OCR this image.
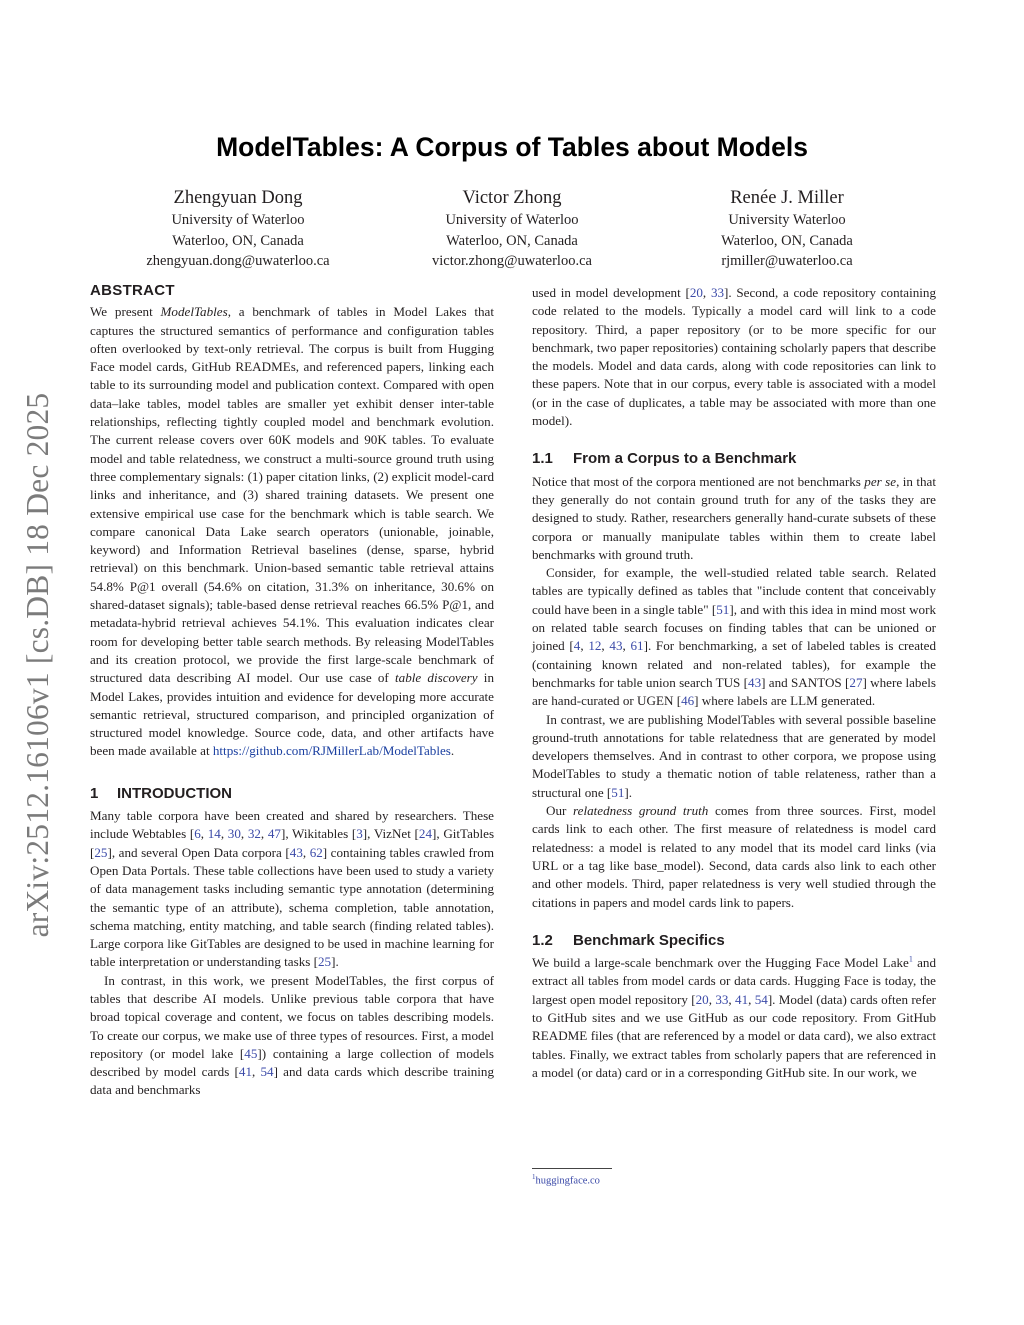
arXiv:2512.16106v1 [cs.DB] 18 Dec 2025
ModelTables: A Corpus of Tables about Models
Zhengyuan Dong
University of Waterloo
Waterloo, ON, Canada
zhengyuan.dong@uwaterloo.ca
Victor Zhong
University of Waterloo
Waterloo, ON, Canada
victor.zhong@uwaterloo.ca
Renée J. Miller
University Waterloo
Waterloo, ON, Canada
rjmiller@uwaterloo.ca
ABSTRACT

We present ModelTables, a benchmark of tables in Model Lakes that captures the structured semantics of performance and configuration tables often overlooked by text-only retrieval. The corpus is built from Hugging Face model cards, GitHub READMEs, and referenced papers, linking each table to its surrounding model and publication context. Compared with open data–lake tables, model tables are smaller yet exhibit denser inter-table relationships, reflecting tightly coupled model and benchmark evolution. The current release covers over 60K models and 90K tables. To evaluate model and table relatedness, we construct a multi-source ground truth using three complementary signals: (1) paper citation links, (2) explicit model-card links and inheritance, and (3) shared training datasets. We present one extensive empirical use case for the benchmark which is table search. We compare canonical Data Lake search operators (unionable, joinable, keyword) and Information Retrieval baselines (dense, sparse, hybrid retrieval) on this benchmark. Union-based semantic table retrieval attains 54.8% P@1 overall (54.6% on citation, 31.3% on inheritance, 30.6% on shared-dataset signals); table-based dense retrieval reaches 66.5% P@1, and metadata-hybrid retrieval achieves 54.1%. This evaluation indicates clear room for developing better table search methods. By releasing ModelTables and its creation protocol, we provide the first large-scale benchmark of structured data describing AI model. Our use case of table discovery in Model Lakes, provides intuition and evidence for developing more accurate semantic retrieval, structured comparison, and principled organization of structured model knowledge. Source code, data, and other artifacts have been made available at https://github.com/RJMillerLab/ModelTables.

1 INTRODUCTION

Many table corpora have been created and shared by researchers. These include Webtables [6, 14, 30, 32, 47], Wikitables [3], VizNet [24], GitTables [25], and several Open Data corpora [43, 62] containing tables crawled from Open Data Portals. These table collections have been used to study a variety of data management tasks including semantic type annotation (determining the semantic type of an attribute), schema completion, table annotation, schema matching, entity matching, and table search (finding related tables). Large corpora like GitTables are designed to be used in machine learning for table interpretation or understanding tasks [25].

In contrast, in this work, we present ModelTables, the first corpus of tables that describe AI models. Unlike previous table corpora that have broad topical coverage and content, we focus on tables describing models. To create our corpus, we make use of three types of resources. First, a model repository (or model lake [45]) containing a large collection of models described by model cards [41, 54] and data cards which describe training data and benchmarks

used in model development [20, 33]. Second, a code repository containing code related to the models. Typically a model card will link to a code repository. Third, a paper repository (or to be more specific for our benchmark, two paper repositories) containing scholarly papers that describe the models. Model and data cards, along with code repositories can link to these papers. Note that in our corpus, every table is associated with a model (or in the case of duplicates, a table may be associated with more than one model).

1.1 From a Corpus to a Benchmark

Notice that most of the corpora mentioned are not benchmarks per se, in that they generally do not contain ground truth for any of the tasks they are designed to study. Rather, researchers generally hand-curate subsets of these corpora or manually manipulate tables within them to create label benchmarks with ground truth.

Consider, for example, the well-studied related table search. Related tables are typically defined as tables that "include content that conceivably could have been in a single table" [51], and with this idea in mind most work on related table search focuses on finding tables that can be unioned or joined [4, 12, 43, 61]. For benchmarking, a set of labeled tables is created (containing known related and non-related tables), for example the benchmarks for table union search TUS [43] and SANTOS [27] where labels are hand-curated or UGEN [46] where labels are LLM generated.

In contrast, we are publishing ModelTables with several possible baseline ground-truth annotations for table relatedness that are generated by model developers themselves. And in contrast to other corpora, we propose using ModelTables to study a thematic notion of table relateness, rather than a structural one [51].

Our relatedness ground truth comes from three sources. First, model cards link to each other. The first measure of relatedness is model card relatedness: a model is related to any model that its model card links (via URL or a tag like base_model). Second, data cards also link to each other and other models. Third, paper relatedness is very well studied through the citations in papers and model cards link to papers.

1.2 Benchmark Specifics

We build a large-scale benchmark over the Hugging Face Model Lake$^1$ and extract all tables from model cards or data cards. Hugging Face is today, the largest open model repository [20, 33, 41, 54]. Model (data) cards often refer to GitHub sites and we use GitHub as our code repository. From GitHub README files (that are referenced by a model or data card), we also extract tables. Finally, we extract tables from scholarly papers that are referenced in a model (or data) card or in a corresponding GitHub site. In our work, we

$^1$huggingface.co
